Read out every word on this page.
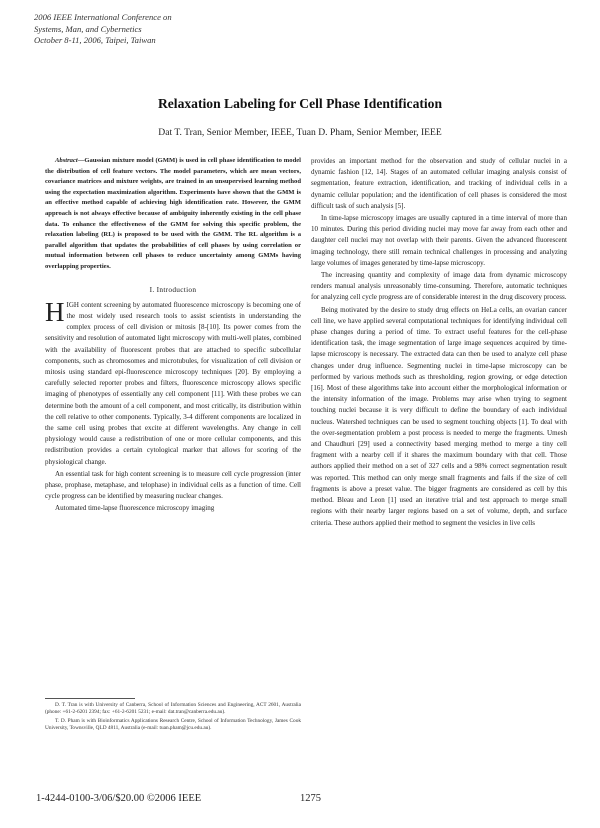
2006 IEEE International Conference on
Systems, Man, and Cybernetics
October 8-11, 2006, Taipei, Taiwan
Relaxation Labeling for Cell Phase Identification
Dat T. Tran, Senior Member, IEEE, Tuan D. Pham, Senior Member, IEEE

Abstract—Gaussian mixture model (GMM) is used in cell phase identification to model the distribution of cell feature vectors. The model parameters, which are mean vectors, covariance matrices and mixture weights, are trained in an unsupervised learning method using the expectation maximization algorithm. Experiments have shown that the GMM is an effective method capable of achieving high identification rate. However, the GMM approach is not always effective because of ambiguity inherently existing in the cell phase data. To enhance the effectiveness of the GMM for solving this specific problem, the relaxation labeling (RL) is proposed to be used with the GMM. The RL algorithm is a parallel algorithm that updates the probabilities of cell phases by using correlation or mutual information between cell phases to reduce uncertainty among GMMs having overlapping properties.

I. Introduction

HIGH content screening by automated fluorescence microscopy is becoming one of the most widely used research tools to assist scientists in understanding the complex process of cell division or mitosis [8-[10]. Its power comes from the sensitivity and resolution of automated light microscopy with multi-well plates, combined with the availability of fluorescent probes that are attached to specific subcellular components, such as chromosomes and microtubules, for visualization of cell division or mitosis using standard epi-fluorescence microscopy techniques [20]. By employing a carefully selected reporter probes and filters, fluorescence microscopy allows specific imaging of phenotypes of essentially any cell component [11]. With these probes we can determine both the amount of a cell component, and most critically, its distribution within the cell relative to other components. Typically, 3-4 different components are localized in the same cell using probes that excite at different wavelengths. Any change in cell physiology would cause a redistribution of one or more cellular components, and this redistribution provides a certain cytological marker that allows for scoring of the physiological change.

An essential task for high content screening is to measure cell cycle progression (inter phase, prophase, metaphase, and telophase) in individual cells as a function of time. Cell cycle progress can be identified by measuring nuclear changes.

Automated time-lapse fluorescence microscopy imaging

D. T. Tran is with University of Canberra, School of Information Sciences and Engineering, ACT 2601, Australia (phone: +61-2-6201 2394; fax: +61-2-6201 5231; e-mail: dat.tran@canberra.edu.au).

T. D. Pham is with Bioinformatics Applications Research Centre, School of Information Technology, James Cook University, Townsville, QLD 4811, Australia (e-mail: tuan.pham@jcu.edu.au).

provides an important method for the observation and study of cellular nuclei in a dynamic fashion [12, 14]. Stages of an automated cellular imaging analysis consist of segmentation, feature extraction, identification, and tracking of individual cells in a dynamic cellular population; and the identification of cell phases is considered the most difficult task of such analysis [5].

In time-lapse microscopy images are usually captured in a time interval of more than 10 minutes. During this period dividing nuclei may move far away from each other and daughter cell nuclei may not overlap with their parents. Given the advanced fluorescent imaging technology, there still remain technical challenges in processing and analyzing large volumes of images generated by time-lapse microscopy.

The increasing quantity and complexity of image data from dynamic microscopy renders manual analysis unreasonably time-consuming. Therefore, automatic techniques for analyzing cell cycle progress are of considerable interest in the drug discovery process.

Being motivated by the desire to study drug effects on HeLa cells, an ovarian cancer cell line, we have applied several computational techniques for identifying individual cell phase changes during a period of time. To extract useful features for the cell-phase identification task, the image segmentation of large image sequences acquired by time-lapse microscopy is necessary. The extracted data can then be used to analyze cell phase changes under drug influence. Segmenting nuclei in time-lapse microscopy can be performed by various methods such as thresholding, region growing, or edge detection [16]. Most of these algorithms take into account either the morphological information or the intensity information of the image. Problems may arise when trying to segment touching nuclei because it is very difficult to define the boundary of each individual nucleus. Watershed techniques can be used to segment touching objects [1]. To deal with the over-segmentation problem a post process is needed to merge the fragments. Umesh and Chaudhuri [29] used a connectivity based merging method to merge a tiny cell fragment with a nearby cell if it shares the maximum boundary with that cell. Those authors applied their method on a set of 327 cells and a 98% correct segmentation result was reported. This method can only merge small fragments and fails if the size of cell fragments is above a preset value. The bigger fragments are considered as cell by this method. Bleau and Leon [1] used an iterative trial and test approach to merge small regions with their nearby larger regions based on a set of volume, depth, and surface criteria. These authors applied their method to segment the vesicles in live cells

1-4244-0100-3/06/$20.00 ©2006 IEEE	1275
